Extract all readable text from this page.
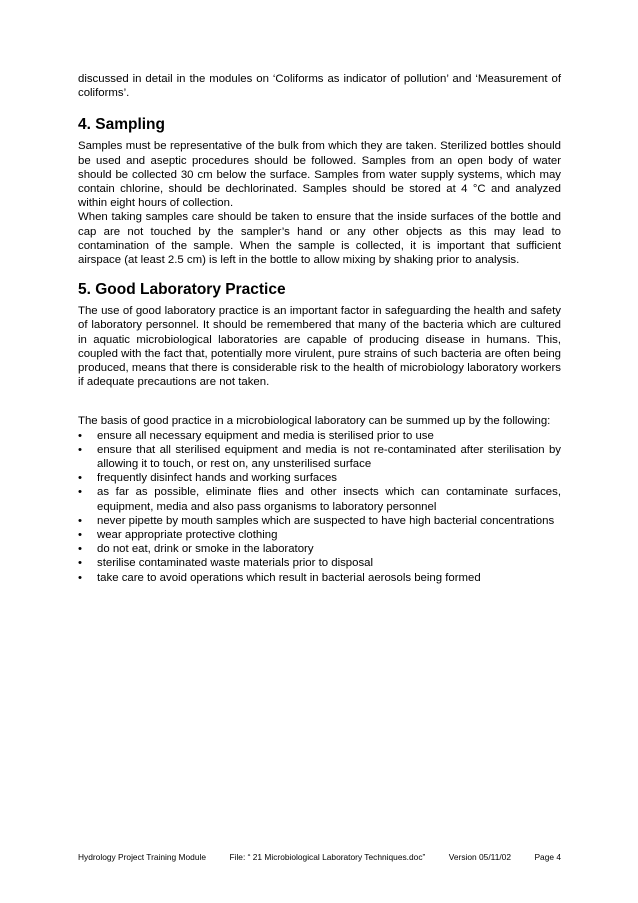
discussed in detail in the modules on ‘Coliforms as indicator of pollution’ and ‘Measurement of coliforms’.

4. Sampling

Samples must be representative of the bulk from which they are taken. Sterilized bottles should be used and aseptic procedures should be followed. Samples from an open body of water should be collected 30 cm below the surface. Samples from water supply systems, which may contain chlorine, should be dechlorinated. Samples should be stored at 4 °C and analyzed within eight hours of collection.

When taking samples care should be taken to ensure that the inside surfaces of the bottle and cap are not touched by the sampler’s hand or any other objects as this may lead to contamination of the sample. When the sample is collected, it is important that sufficient airspace (at least 2.5 cm) is left in the bottle to allow mixing by shaking prior to analysis.

5. Good Laboratory Practice

The use of good laboratory practice is an important factor in safeguarding the health and safety of laboratory personnel. It should be remembered that many of the bacteria which are cultured in aquatic microbiological laboratories are capable of producing disease in humans. This, coupled with the fact that, potentially more virulent, pure strains of such bacteria are often being produced, means that there is considerable risk to the health of microbiology laboratory workers if adequate precautions are not taken.

The basis of good practice in a microbiological laboratory can be summed up by the following:

•	ensure all necessary equipment and media is sterilised prior to use
•	ensure that all sterilised equipment and media is not re-contaminated after sterilisation by allowing it to touch, or rest on, any unsterilised surface
•	frequently disinfect hands and working surfaces
•	as far as possible, eliminate flies and other insects which can contaminate surfaces, equipment, media and also pass organisms to laboratory personnel
•	never pipette by mouth samples which are suspected to have high bacterial concentrations
•	wear appropriate protective clothing
•	do not eat, drink or smoke in the laboratory
•	sterilise contaminated waste materials prior to disposal
•	take care to avoid operations which result in bacterial aerosols being formed
Hydrology Project Training Module	File: “ 21 Microbiological Laboratory Techniques.doc”	Version 05/11/02	Page 4
